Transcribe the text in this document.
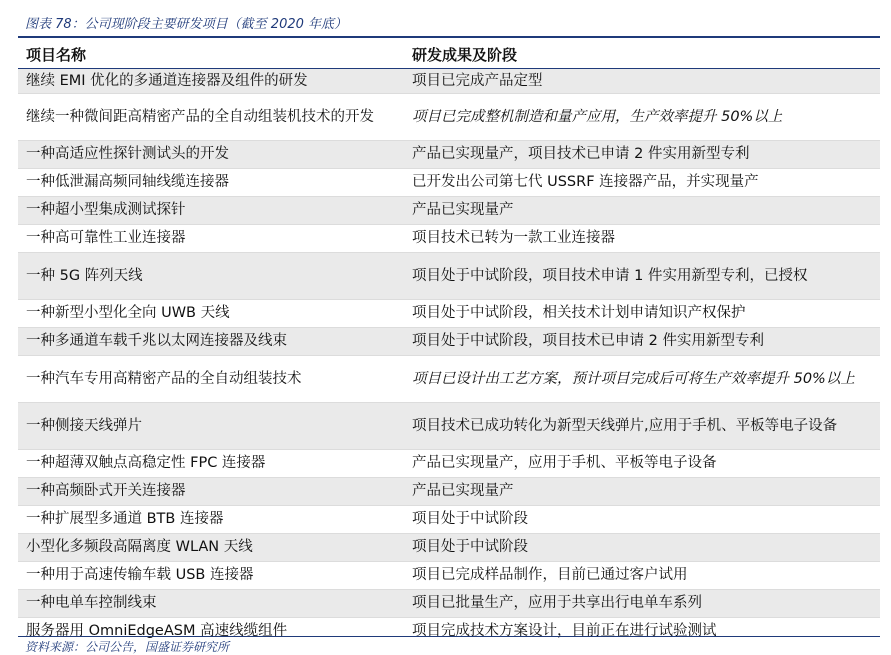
图表 78：公司现阶段主要研发项目（截至 2020 年底）
项目名称	研发成果及阶段
继续 EMI 优化的多通道连接器及组件的研发	项目已完成产品定型
继续一种微间距高精密产品的全自动组装机技术的开发	项目已完成整机制造和量产应用，生产效率提升 50%以上
一种高适应性探针测试头的开发	产品已实现量产，项目技术已申请 2 件实用新型专利
一种低泄漏高频同轴线缆连接器	已开发出公司第七代 USSRF 连接器产品，并实现量产
一种超小型集成测试探针	产品已实现量产
一种高可靠性工业连接器	项目技术已转为一款工业连接器
一种 5G 阵列天线	项目处于中试阶段，项目技术申请 1 件实用新型专利，已授权
一种新型小型化全向 UWB 天线	项目处于中试阶段，相关技术计划申请知识产权保护
一种多通道车载千兆以太网连接器及线束	项目处于中试阶段，项目技术已申请 2 件实用新型专利
一种汽车专用高精密产品的全自动组装技术	项目已设计出工艺方案，预计项目完成后可将生产效率提升 50%以上
一种侧接天线弹片	项目技术已成功转化为新型天线弹片,应用于手机、平板等电子设备
一种超薄双触点高稳定性 FPC 连接器	产品已实现量产，应用于手机、平板等电子设备
一种高频卧式开关连接器	产品已实现量产
一种扩展型多通道 BTB 连接器	项目处于中试阶段
小型化多频段高隔离度 WLAN 天线	项目处于中试阶段
一种用于高速传输车载 USB 连接器	项目已完成样品制作，目前已通过客户试用
一种电单车控制线束	项目已批量生产，应用于共享出行电单车系列
服务器用 OmniEdgeASM 高速线缆组件	项目完成技术方案设计，目前正在进行试验测试
资料来源：公司公告，国盛证券研究所
